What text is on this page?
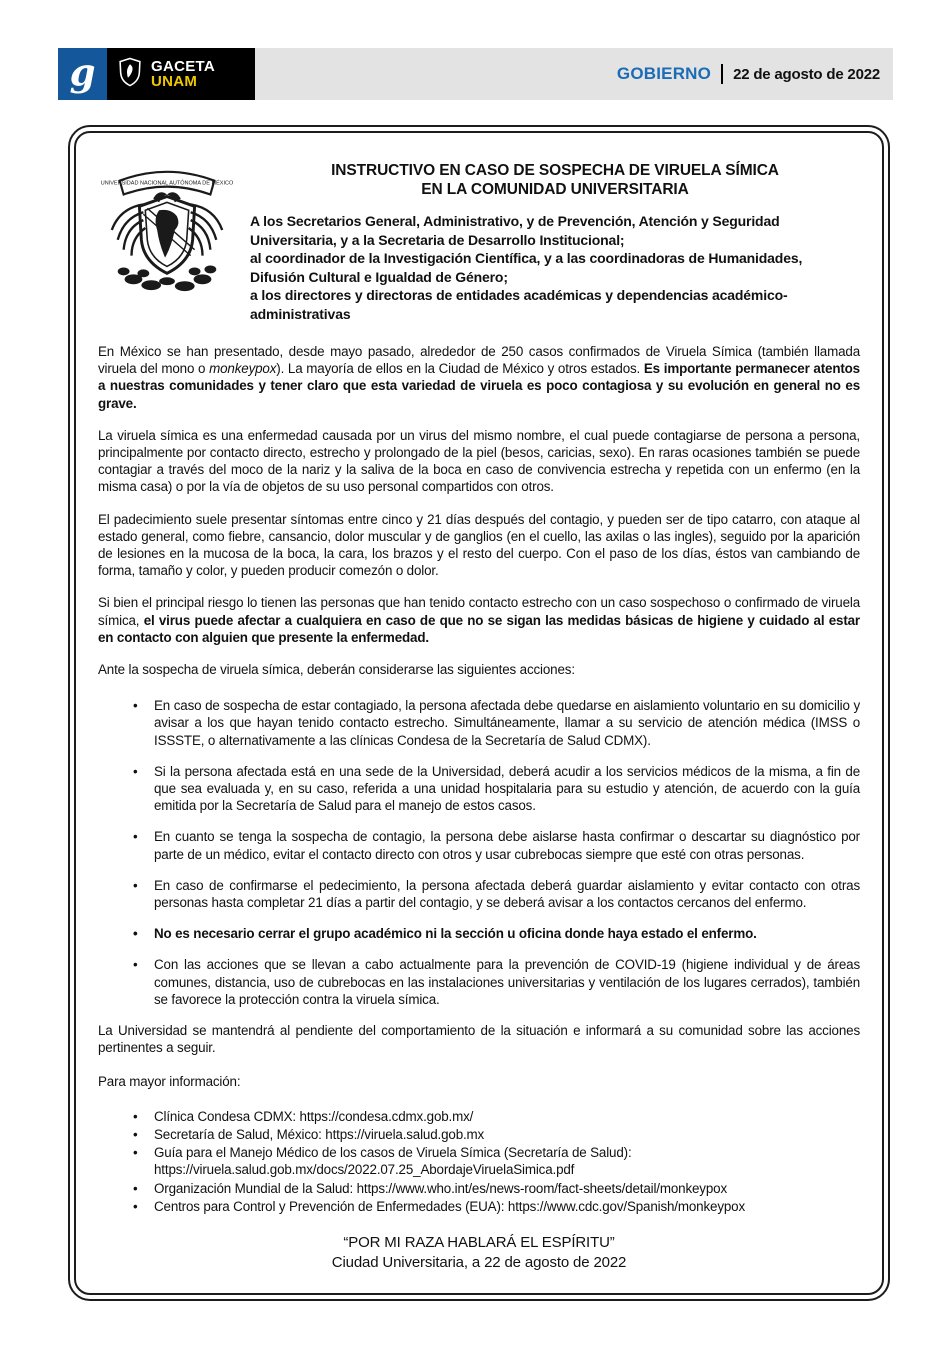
g	GACETA
UNAM	GOBIERNO 22 de agosto de 2022
UNIVERSIDAD NACIONAL AUTÓNOMA DE MÉXICO
INSTRUCTIVO EN CASO DE SOSPECHA DE VIRUELA SÍMICA
EN LA COMUNIDAD UNIVERSITARIA
A los Secretarios General, Administrativo, y de Prevención, Atención y Seguridad Universitaria, y a la Secretaria de Desarrollo Institucional;
al coordinador de la Investigación Científica, y a las coordinadoras de Humanidades, Difusión Cultural e Igualdad de Género;
a los directores y directoras de entidades académicas y dependencias académico-administrativas

En México se han presentado, desde mayo pasado, alrededor de 250 casos confirmados de Viruela Símica (también llamada viruela del mono o monkeypox). La mayoría de ellos en la Ciudad de México y otros estados. Es importante permanecer atentos a nuestras comunidades y tener claro que esta variedad de viruela es poco contagiosa y su evolución en general no es grave.

La viruela símica es una enfermedad causada por un virus del mismo nombre, el cual puede contagiarse de persona a persona, principalmente por contacto directo, estrecho y prolongado de la piel (besos, caricias, sexo). En raras ocasiones también se puede contagiar a través del moco de la nariz y la saliva de la boca en caso de convivencia estrecha y repetida con un enfermo (en la misma casa) o por la vía de objetos de su uso personal compartidos con otros.

El padecimiento suele presentar síntomas entre cinco y 21 días después del contagio, y pueden ser de tipo catarro, con ataque al estado general, como fiebre, cansancio, dolor muscular y de ganglios (en el cuello, las axilas o las ingles), seguido por la aparición de lesiones en la mucosa de la boca, la cara, los brazos y el resto del cuerpo. Con el paso de los días, éstos van cambiando de forma, tamaño y color, y pueden producir comezón o dolor.

Si bien el principal riesgo lo tienen las personas que han tenido contacto estrecho con un caso sospechoso o confirmado de viruela símica, el virus puede afectar a cualquiera en caso de que no se sigan las medidas básicas de higiene y cuidado al estar en contacto con alguien que presente la enfermedad.

Ante la sospecha de viruela símica, deberán considerarse las siguientes acciones:

• En caso de sospecha de estar contagiado, la persona afectada debe quedarse en aislamiento voluntario en su domicilio y avisar a los que hayan tenido contacto estrecho. Simultáneamente, llamar a su servicio de atención médica (IMSS o ISSSTE, o alternativamente a las clínicas Condesa de la Secretaría de Salud CDMX).
• Si la persona afectada está en una sede de la Universidad, deberá acudir a los servicios médicos de la misma, a fin de que sea evaluada y, en su caso, referida a una unidad hospitalaria para su estudio y atención, de acuerdo con la guía emitida por la Secretaría de Salud para el manejo de estos casos.
• En cuanto se tenga la sospecha de contagio, la persona debe aislarse hasta confirmar o descartar su diagnóstico por parte de un médico, evitar el contacto directo con otros y usar cubrebocas siempre que esté con otras personas.
• En caso de confirmarse el pedecimiento, la persona afectada deberá guardar aislamiento y evitar contacto con otras personas hasta completar 21 días a partir del contagio, y se deberá avisar a los contactos cercanos del enfermo.
• No es necesario cerrar el grupo académico ni la sección u oficina donde haya estado el enfermo.
• Con las acciones que se llevan a cabo actualmente para la prevención de COVID-19 (higiene individual y de áreas comunes, distancia, uso de cubrebocas en las instalaciones universitarias y ventilación de los lugares cerrados), también se favorece la protección contra la viruela símica.

La Universidad se mantendrá al pendiente del comportamiento de la situación e informará a su comunidad sobre las acciones pertinentes a seguir.

Para mayor información:

• Clínica Condesa CDMX: https://condesa.cdmx.gob.mx/
• Secretaría de Salud, México: https://viruela.salud.gob.mx
• Guía para el Manejo Médico de los casos de Viruela Símica (Secretaría de Salud): https://viruela.salud.gob.mx/docs/2022.07.25_AbordajeViruelaSimica.pdf
• Organización Mundial de la Salud: https://www.who.int/es/news-room/fact-sheets/detail/monkeypox
• Centros para Control y Prevención de Enfermedades (EUA): https://www.cdc.gov/Spanish/monkeypox
“POR MI RAZA HABLARÁ EL ESPÍRITU”
Ciudad Universitaria, a 22 de agosto de 2022
